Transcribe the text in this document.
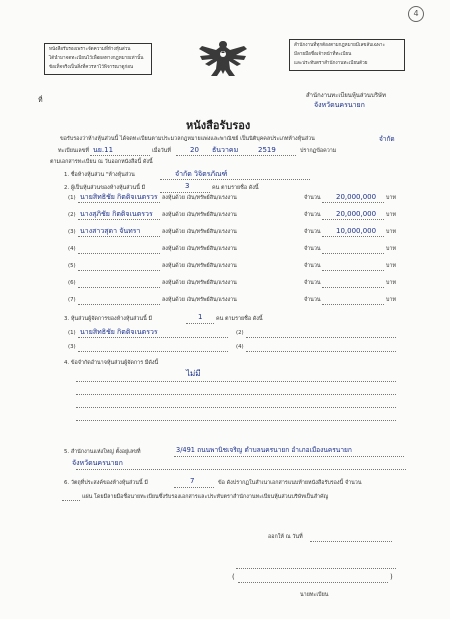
4
หนังสือรับรองเพราะจัดความที่ห้างหุ้นส่วน
ได้นำมาจดทะเบียนไว้เพื่อผลทางกฎหมายเท่านั้น
ข้อเท็จจริงเป็นสิ่งที่ควรหาไว้พิจารณาดูก่อน
สำนักงานที่ทุกต้องตามกฎหมายมีเลขลับเฉพาะ
มีลายมือชื่อเจ้าหน้าที่ทะเบียน
และประทับตราสำนักงานทะเบียนด้วย
ที่
สำนักงานทะเบียนหุ้นส่วนบริษัท
จังหวัดนครนายก
หนังสือรับรอง
ขอรับรองว่าห้างหุ้นส่วนนี้ ได้จดทะเบียนตามประมวลกฎหมายแพ่งและพาณิชย์ เป็นนิติบุคคลประเภทห้างหุ้นส่วน	จำกัด
ทะเบียนเลขที่ นย.11	เมื่อวันที่	20 ธันวาคม	2519	ปรากฏข้อความ
ตามเอกสารทะเบียน ณ วันออกหนังสือนี้ ดังนี้
1. ชื่อห้างหุ้นส่วน "ห้างหุ้นส่วน	จำกัด วิจิตรภัณฑ์
2. ผู้เป็นหุ้นส่วนของห้างหุ้นส่วนนี้ มี	3	คน ตามรายชื่อ ดังนี้
(1) นายสิทธิชัย กิตติจเนตรวร ลงหุ้นด้วย เงิน/ทรัพย์สิน/แรงงาน	จำนวน 20,000,000 บาท
(2) นางสุภิชัย กิตติจเนตรวร ลงหุ้นด้วย เงิน/ทรัพย์สิน/แรงงาน	จำนวน 20,000,000 บาท
(3) นางสาวสุดา จันทรา	ลงหุ้นด้วย เงิน/ทรัพย์สิน/แรงงาน	จำนวน 10,000,000 บาท
(4)	ลงหุ้นด้วย เงิน/ทรัพย์สิน/แรงงาน	จำนวน	บาท
(5)	ลงหุ้นด้วย เงิน/ทรัพย์สิน/แรงงาน	จำนวน	บาท
(6)	ลงหุ้นด้วย เงิน/ทรัพย์สิน/แรงงาน	จำนวน	บาท
(7)	ลงหุ้นด้วย เงิน/ทรัพย์สิน/แรงงาน	จำนวน	บาท
3. หุ้นส่วนผู้จัดการของห้างหุ้นส่วนนี้ มี	1	คน ตามรายชื่อ ดังนี้
(1) นายสิทธิชัย กิตติจเนตรวร	(2)
(3)	(4)
4. ข้อจำกัดอำนาจหุ้นส่วนผู้จัดการ มีดังนี้
ไม่มี
5. สำนักงานแห่งใหญ่ ตั้งอยู่เลขที่	3/491 ถนนพานิชเจริญ ตำบลนครนายก อำเภอเมืองนครนายก
จังหวัดนครนายก
6. วัตถุที่ประสงค์ของห้างหุ้นส่วนนี้ มี	7	ข้อ ดังปรากฏในสำเนาเอกสารแนบท้ายหนังสือรับรองนี้ จำนวน
แผ่น โดยมีลายมือชื่อนายทะเบียนซึ่งรับรองเอกสารและประทับตราสำนักงานทะเบียนหุ้นส่วนบริษัทเป็นสำคัญ
ออกให้ ณ วันที่
(	)
นายทะเบียน
